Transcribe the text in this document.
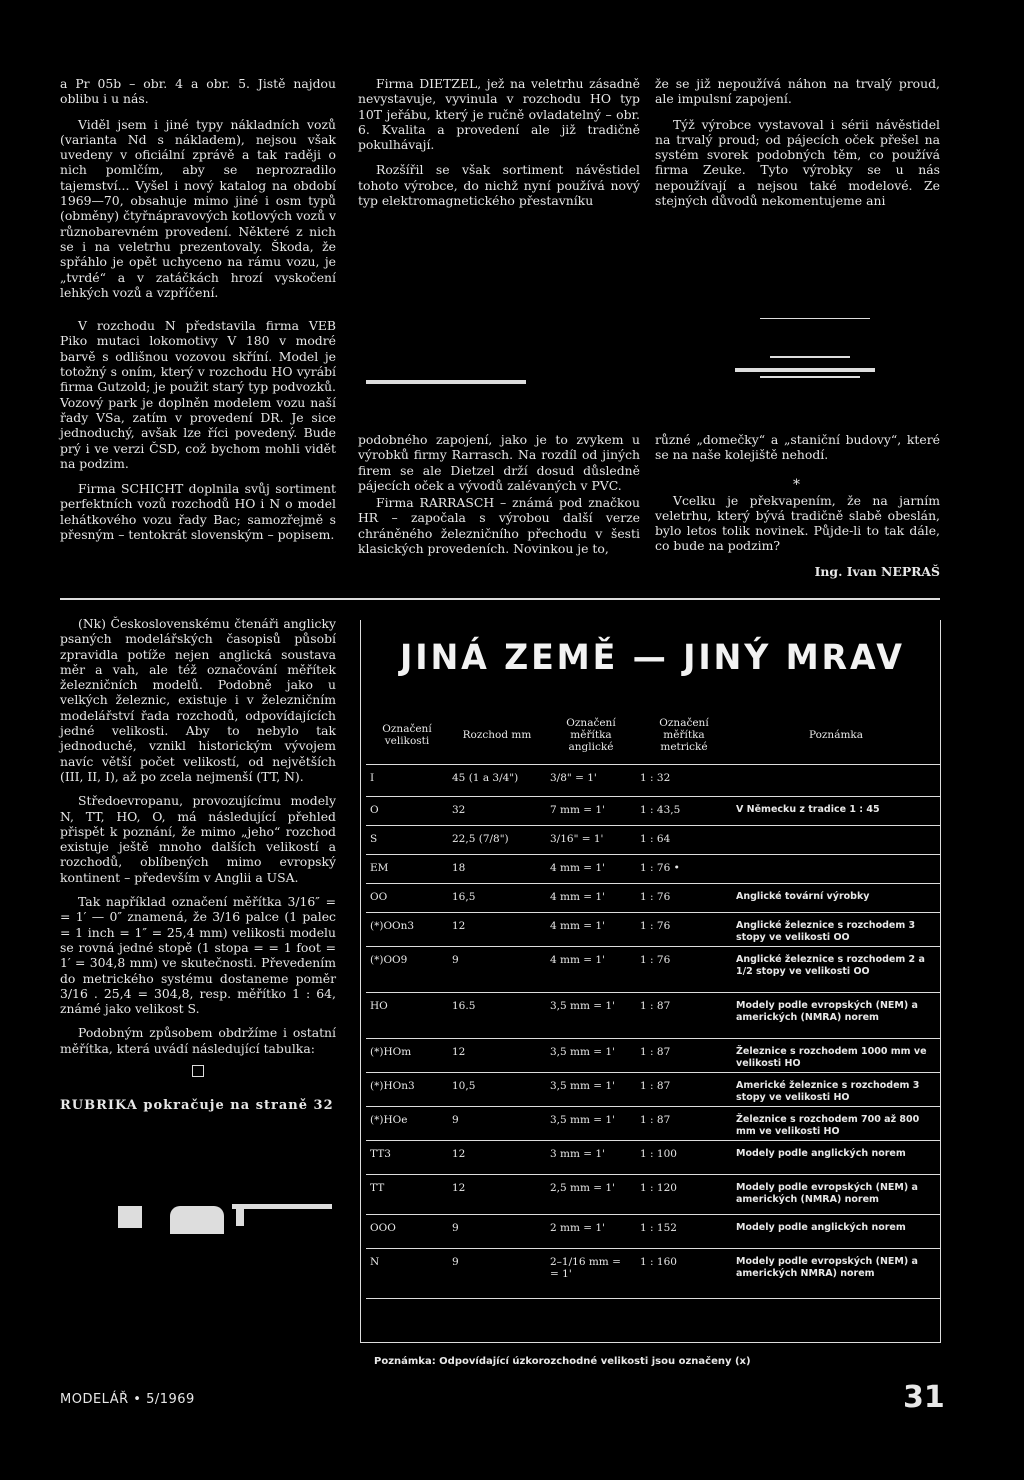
a Pr 05b – obr. 4 a obr. 5. Jistě najdou oblibu i u nás.

Viděl jsem i jiné typy nákladních vozů (varianta Nd s nákladem), nejsou však uvedeny v oficiální zprávě a tak raději o nich pomlčím, aby se neprozradilo tajemství... Vyšel i nový katalog na období 1969—70, obsahuje mimo jiné i osm typů (obměny) čtyřnápravových kotlových vozů v různobarevném provedení. Některé z nich se i na veletrhu prezentovaly. Škoda, že spřáhlo je opět uchyceno na rámu vozu, je „tvrdé“ a v zatáčkách hrozí vyskočení lehkých vozů a vzpříčení.

V rozchodu N představila firma VEB Piko mutaci lokomotivy V 180 v modré barvě s odlišnou vozovou skříní. Model je totožný s oním, který v rozchodu HO vyrábí firma Gutzold; je použit starý typ podvozků. Vozový park je doplněn modelem vozu naší řady VSa, zatím v provedení DR. Je sice jednoduchý, avšak lze říci povedený. Bude prý i ve verzi ČSD, což bychom mohli vidět na podzim.

Firma SCHICHT doplnila svůj sortiment perfektních vozů rozchodů HO i N o model lehátkového vozu řady Bac; samozřejmě s přesným – tentokrát slovenským – popisem.

Firma DIETZEL, jež na veletrhu zásadně nevystavuje, vyvinula v rozchodu HO typ 10T jeřábu, který je ručně ovladatelný – obr. 6. Kvalita a provedení ale již tradičně pokulhávají.

Rozšířil se však sortiment návěstidel tohoto výrobce, do nichž nyní používá nový typ elektromagnetického přestavníku

že se již nepoužívá náhon na trvalý proud, ale impulsní zapojení.

Týž výrobce vystavoval i sérii návěstidel na trvalý proud; od pájecích oček přešel na systém svorek podobných těm, co používá firma Zeuke. Tyto výrobky se u nás nepoužívají a nejsou také modelové. Ze stejných důvodů nekomentujeme ani

podobného zapojení, jako je to zvykem u výrobků firmy Rarrasch. Na rozdíl od jiných firem se ale Dietzel drží dosud důsledně pájecích oček a vývodů zalévaných v PVC.

Firma RARRASCH – známá pod značkou HR – započala s výrobou další verze chráněného železničního přechodu v šesti klasických provedeních. Novinkou je to,

různé „domečky“ a „staniční budovy“, které se na naše kolejiště nehodí.

Vcelku je překvapením, že na jarním veletrhu, který bývá tradičně slabě obeslán, bylo letos tolik novinek. Půjde-li to tak dále, co bude na podzim?

Ing. Ivan NEPRAŠ
*

(Nk) Československému čtenáři anglicky psaných modelářských časopisů působí zpravidla potíže nejen anglická soustava měr a vah, ale též označování měřítek železničních modelů. Podobně jako u velkých železnic, existuje i v železničním modelářství řada rozchodů, odpovídajících jedné velikosti. Aby to nebylo tak jednoduché, vznikl historickým vývojem navíc větší počet velikostí, od největších (III, II, I), až po zcela nejmenší (TT, N).

Středoevropanu, provozujícímu modely N, TT, HO, O, má následující přehled přispět k poznání, že mimo „jeho“ rozchod existuje ještě mnoho dalších velikostí a rozchodů, oblíbených mimo evropský kontinent – především v Anglii a USA.

Tak například označení měřítka 3/16″ = = 1′ — 0″ znamená, že 3/16 palce (1 palec = 1 inch = 1″ = 25,4 mm) velikosti modelu se rovná jedné stopě (1 stopa = = 1 foot = 1′ = 304,8 mm) ve skutečnosti. Převedením do metrického systému dostaneme poměr 3/16 . 25,4 = 304,8, resp. měřítko 1 : 64, známé jako velikost S.

Podobným způsobem obdržíme i ostatní měřítka, která uvádí následující tabulka:

RUBRIKA pokračuje na straně 32
JINÁ ZEMĚ — JINÝ MRAV
Označení velikosti	Rozchod mm	Označení měřítka anglické	Označení měřítka metrické	Poznámka
I	45 (1 a 3/4")	3/8" = 1'	1 : 32	
O	32	7 mm = 1'	1 : 43,5	V Německu z tradice 1 : 45
S	22,5 (7/8")	3/16" = 1'	1 : 64	
EM	18	4 mm = 1'	1 : 76 •	
OO	16,5	4 mm = 1'	1 : 76	Anglické tovární výrobky
(*)OOn3	12	4 mm = 1'	1 : 76	Anglické železnice s rozchodem 3 stopy ve velikosti OO
(*)OO9	9	4 mm = 1'	1 : 76	Anglické železnice s rozchodem 2 a 1/2 stopy ve velikosti OO
HO	16.5	3,5 mm = 1'	1 : 87	Modely podle evropských (NEM) a amerických (NMRA) norem
(*)HOm	12	3,5 mm = 1'	1 : 87	Železnice s rozchodem 1000 mm ve velikosti HO
(*)HOn3	10,5	3,5 mm = 1'	1 : 87	Americké železnice s rozchodem 3 stopy ve velikosti HO
(*)HOe	9	3,5 mm = 1'	1 : 87	Železnice s rozchodem 700 až 800 mm ve velikosti HO
TT3	12	3 mm = 1'	1 : 100	Modely podle anglických norem
TT	12	2,5 mm = 1'	1 : 120	Modely podle evropských (NEM) a amerických (NMRA) norem
OOO	9	2 mm = 1'	1 : 152	Modely podle anglických norem
N	9	2–1/16 mm = = 1'	1 : 160	Modely podle evropských (NEM) a amerických NMRA) norem
Poznámka: Odpovídající úzkorozchodné velikosti jsou označeny (x)
MODELÁŘ • 5/1969	31
